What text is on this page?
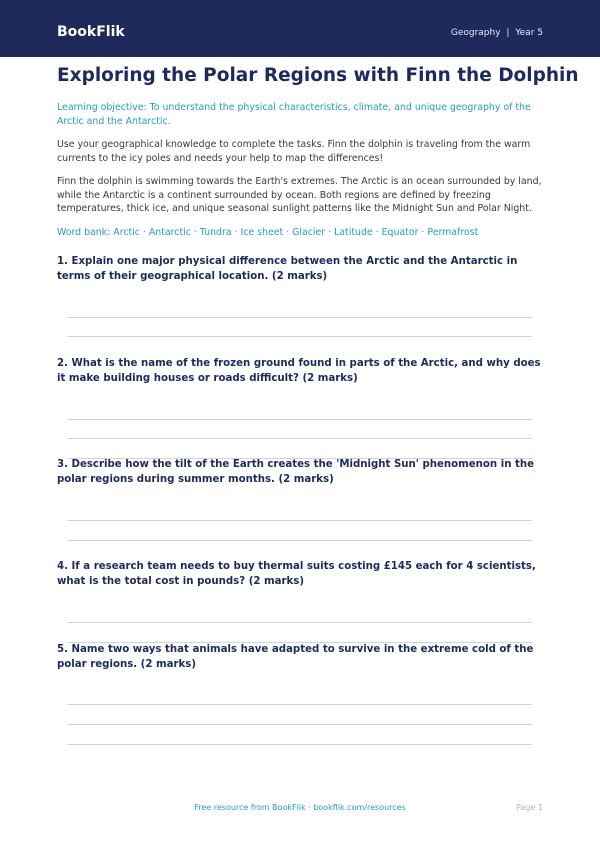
BookFlik	Geography | Year 5
Exploring the Polar Regions with Finn the Dolphin

Learning objective: To understand the physical characteristics, climate, and unique geography of the Arctic and the Antarctic.

Use your geographical knowledge to complete the tasks. Finn the dolphin is traveling from the warm currents to the icy poles and needs your help to map the differences!

Finn the dolphin is swimming towards the Earth's extremes. The Arctic is an ocean surrounded by land, while the Antarctic is a continent surrounded by ocean. Both regions are defined by freezing temperatures, thick ice, and unique seasonal sunlight patterns like the Midnight Sun and Polar Night.

Word bank: Arctic · Antarctic · Tundra · Ice sheet · Glacier · Latitude · Equator · Permafrost

1. Explain one major physical difference between the Arctic and the Antarctic in terms of their geographical location. (2 marks)

2. What is the name of the frozen ground found in parts of the Arctic, and why does it make building houses or roads difficult? (2 marks)

3. Describe how the tilt of the Earth creates the 'Midnight Sun' phenomenon in the polar regions during summer months. (2 marks)

4. If a research team needs to buy thermal suits costing £145 each for 4 scientists, what is the total cost in pounds? (2 marks)

5. Name two ways that animals have adapted to survive in the extreme cold of the polar regions. (2 marks)

Free resource from BookFlik · bookflik.com/resources	Page 1
